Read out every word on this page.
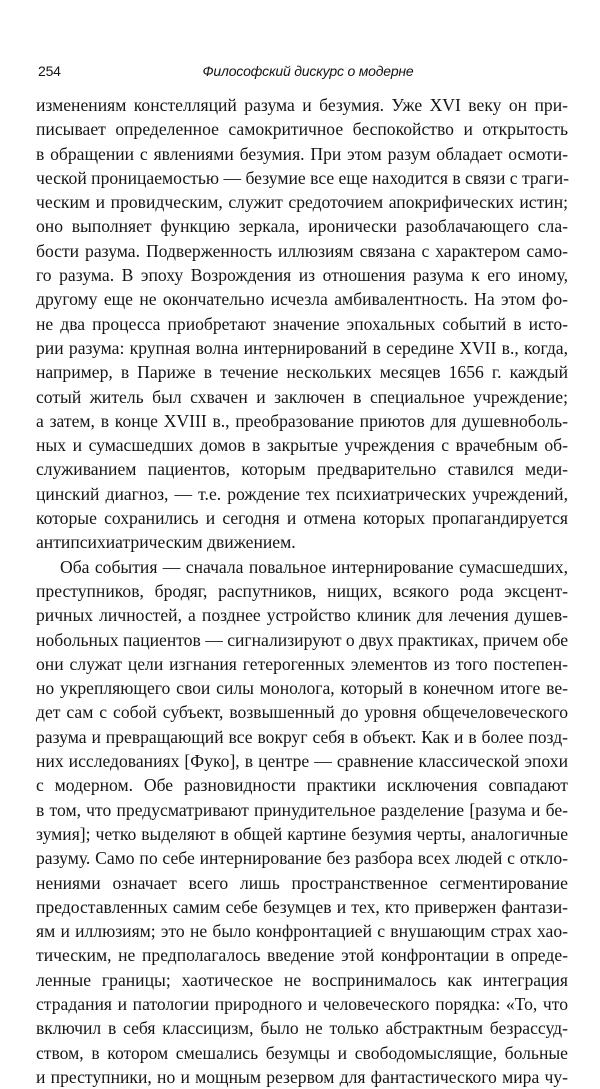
254	Философский дискурс о модерне
изменениям констелляций разума и безумия. Уже XVI веку он при-
писывает определенное самокритичное беспокойство и открытость
в обращении с явлениями безумия. При этом разум обладает осмоти-
ческой проницаемостью — безумие все еще находится в связи с траги-
ческим и провидческим, служит средоточием апокрифических истин;
оно выполняет функцию зеркала, иронически разоблачающего сла-
бости разума. Подверженность иллюзиям связана с характером само-
го разума. В эпоху Возрождения из отношения разума к его иному,
другому еще не окончательно исчезла амбивалентность. На этом фо-
не два процесса приобретают значение эпохальных событий в исто-
рии разума: крупная волна интернирований в середине XVII в., когда,
например, в Париже в течение нескольких месяцев 1656 г. каждый
сотый житель был схвачен и заключен в специальное учреждение;
а затем, в конце XVIII в., преобразование приютов для душевноболь-
ных и сумасшедших домов в закрытые учреждения с врачебным об-
служиванием пациентов, которым предварительно ставился меди-
цинский диагноз, — т.е. рождение тех психиатрических учреждений,
которые сохранились и сегодня и отмена которых пропагандируется
антипсихиатрическим движением.
Оба события — сначала повальное интернирование сумасшедших,
преступников, бродяг, распутников, нищих, всякого рода эксцент-
ричных личностей, а позднее устройство клиник для лечения душев-
нобольных пациентов — сигнализируют о двух практиках, причем обе
они служат цели изгнания гетерогенных элементов из того постепен-
но укрепляющего свои силы монолога, который в конечном итоге ве-
дет сам с собой субъект, возвышенный до уровня общечеловеческого
разума и превращающий все вокруг себя в объект. Как и в более позд-
них исследованиях [Фуко], в центре — сравнение классической эпохи
с модерном. Обе разновидности практики исключения совпадают
в том, что предусматривают принудительное разделение [разума и бе-
зумия]; четко выделяют в общей картине безумия черты, аналогичные
разуму. Само по себе интернирование без разбора всех людей с откло-
нениями означает всего лишь пространственное сегментирование
предоставленных самим себе безумцев и тех, кто привержен фантази-
ям и иллюзиям; это не было конфронтацией с внушающим страх хао-
тическим, не предполагалось введение этой конфронтации в опреде-
ленные границы; хаотическое не воспринималось как интеграция
страдания и патологии природного и человеческого порядка: «То, что
включил в себя классицизм, было не только абстрактным безрассуд-
ством, в котором смешались безумцы и свободомыслящие, больные
и преступники, но и мощным резервом для фантастического мира чу-
